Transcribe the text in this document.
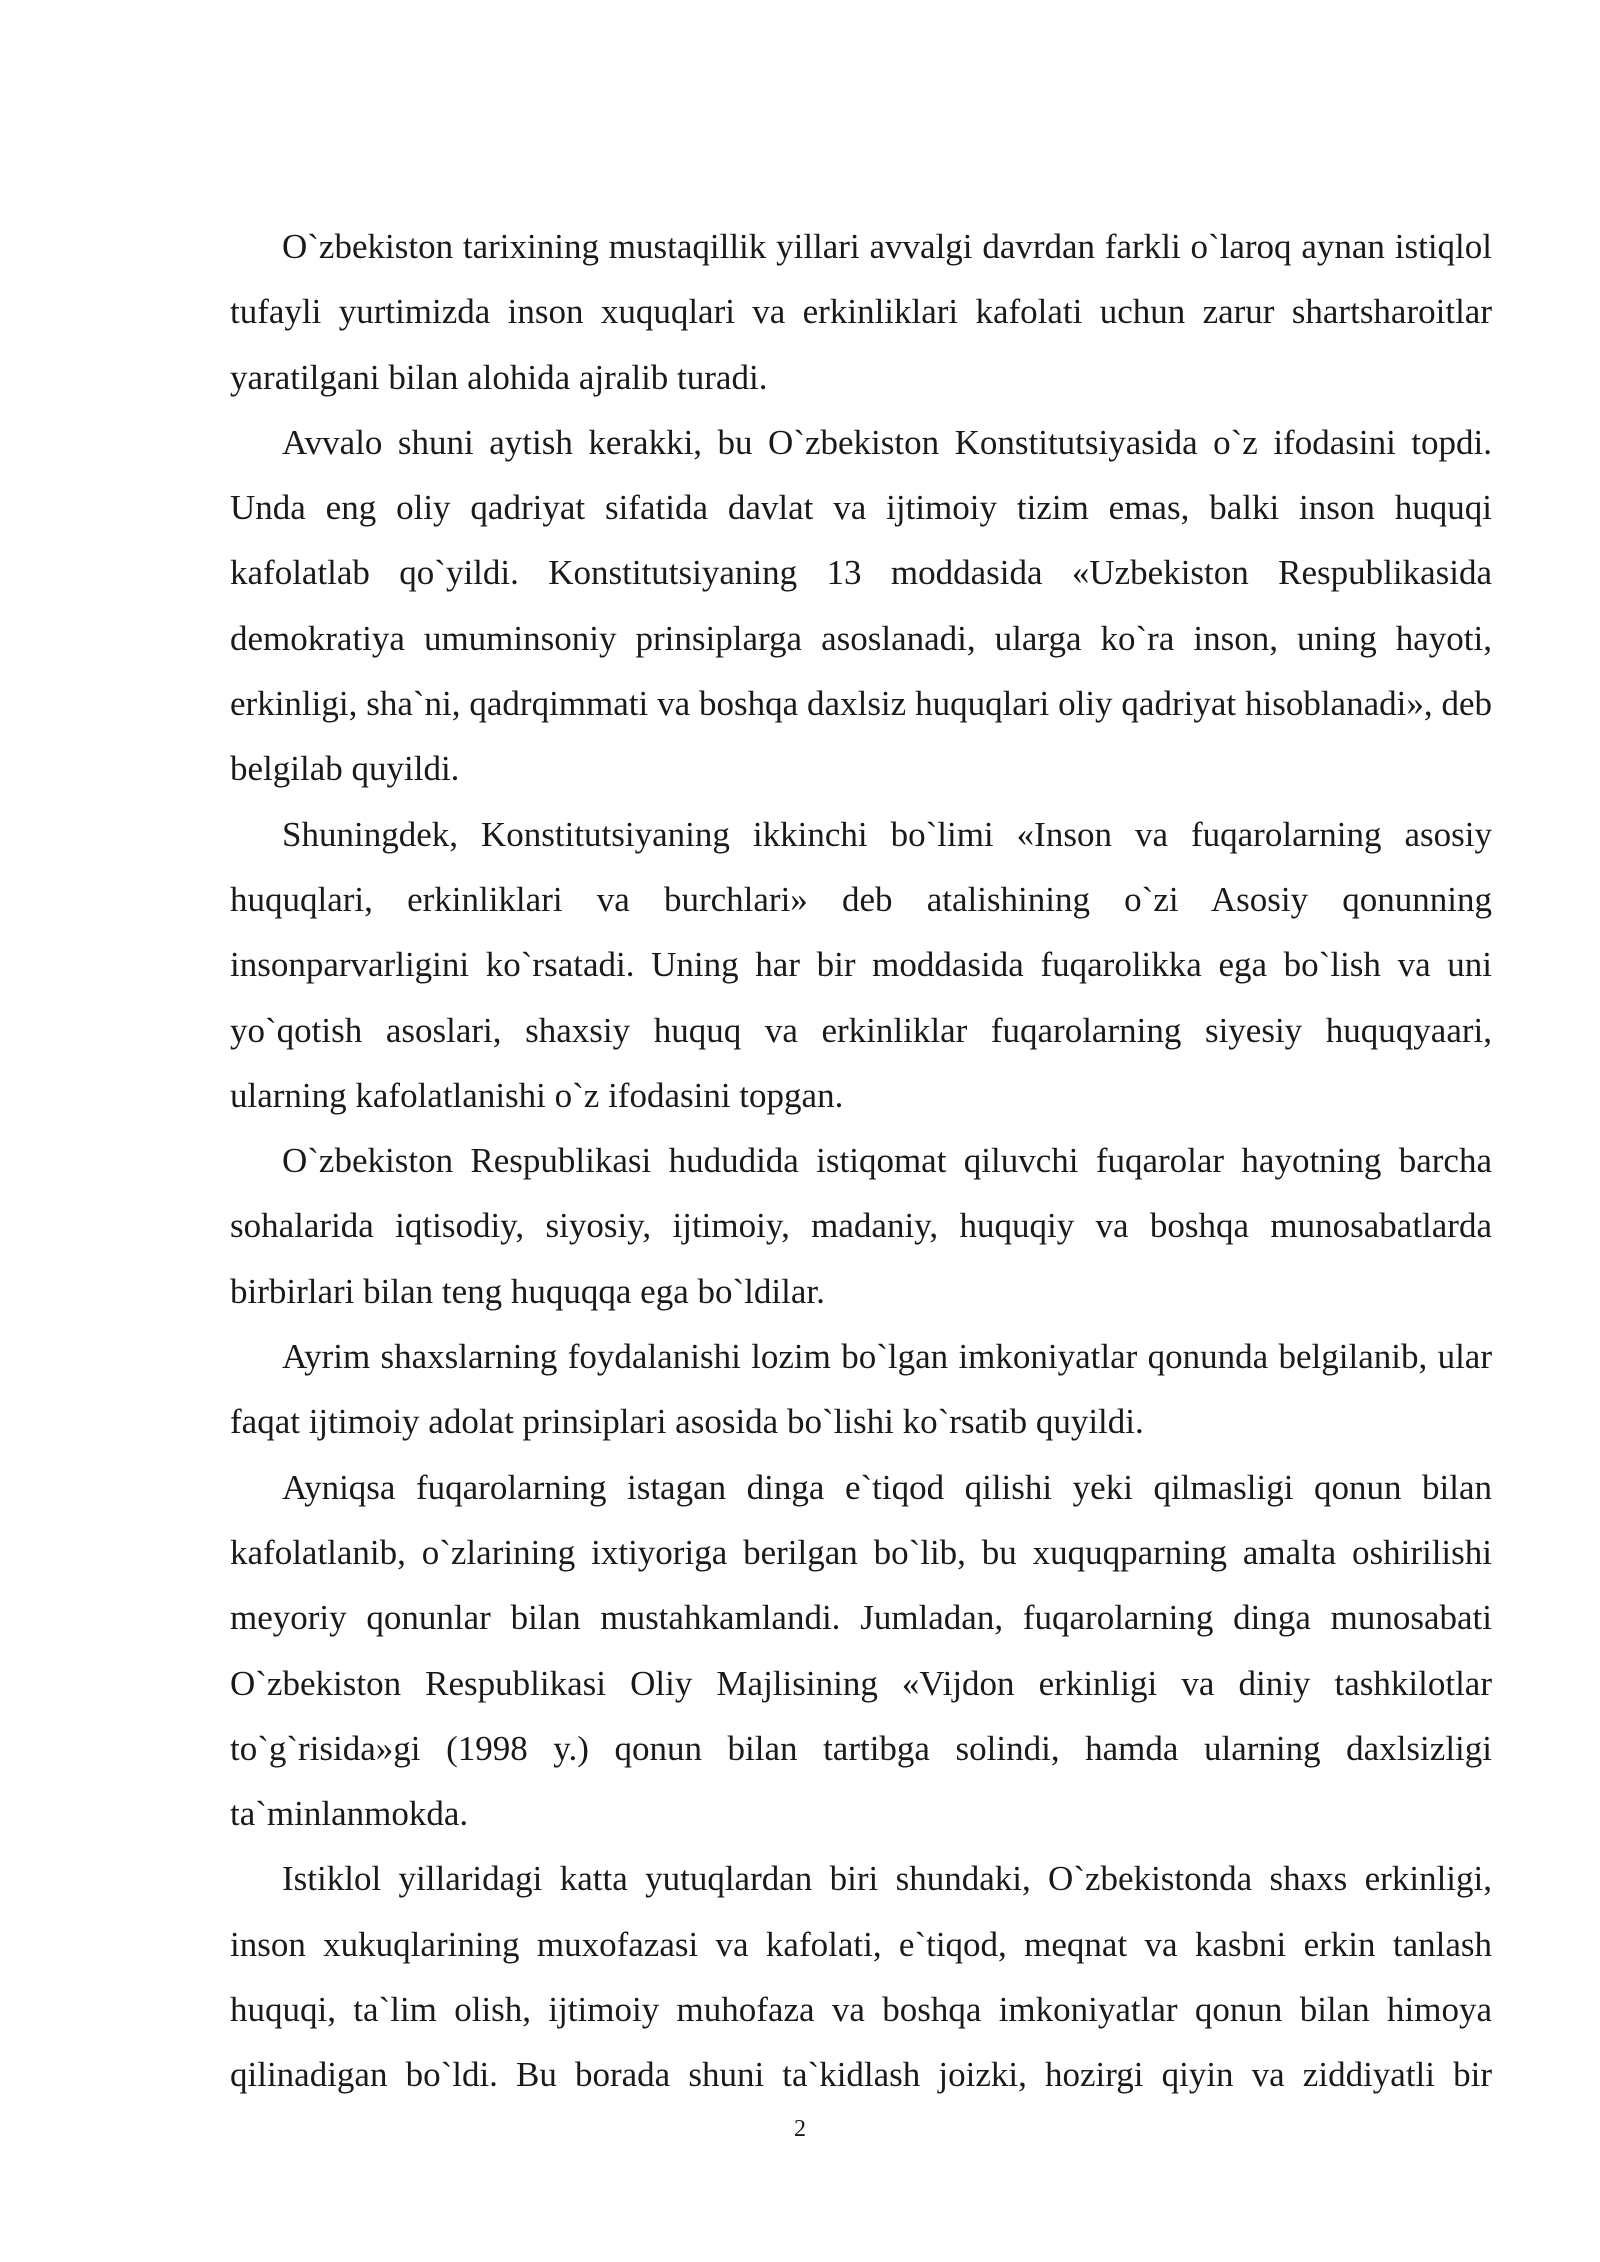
O`zbekiston tarixining mustaqillik yillari avvalgi davrdan farkli o`laroq aynan istiqlol tufayli yurtimizda inson xuquqlari va erkinliklari kafolati uchun zarur shartsharoitlar yaratilgani bilan alohida ajralib turadi.

Avvalo shuni aytish kerakki, bu O`zbekiston Konstitutsiyasida o`z ifodasini topdi. Unda eng oliy qadriyat sifatida davlat va ijtimoiy tizim emas, balki inson huquqi kafolatlab qo`yildi. Konstitutsiyaning 13 moddasida «Uzbekiston Respublikasida demokratiya umuminsoniy prinsiplarga asoslanadi, ularga ko`ra inson, uning hayoti, erkinligi, sha`ni, qadrqimmati va boshqa daxlsiz huquqlari oliy qadriyat hisoblanadi», deb belgilab quyildi.

Shuningdek, Konstitutsiyaning ikkinchi bo`limi «Inson va fuqarolarning asosiy huquqlari, erkinliklari va burchlari» deb atalishining o`zi Asosiy qonunning insonparvarligini ko`rsatadi. Uning har bir moddasida fuqarolikka ega bo`lish va uni yo`qotish asoslari, shaxsiy huquq va erkinliklar fuqarolarning siyesiy huquqyaari, ularning kafolatlanishi o`z ifodasini topgan.

O`zbekiston Respublikasi hududida istiqomat qiluvchi fuqarolar hayotning barcha sohalarida iqtisodiy, siyosiy, ijtimoiy, madaniy, huquqiy va boshqa munosabatlarda birbirlari bilan teng huquqqa ega bo`ldilar.

Ayrim shaxslarning foydalanishi lozim bo`lgan imkoniyatlar qonunda belgilanib, ular faqat ijtimoiy adolat prinsiplari asosida bo`lishi ko`rsatib quyildi.

Ayniqsa fuqarolarning istagan dinga e`tiqod qilishi yeki qilmasligi qonun bilan kafolatlanib, o`zlarining ixtiyoriga berilgan bo`lib, bu xuquqparning amalta oshirilishi meyoriy qonunlar bilan mustahkamlandi. Jumladan, fuqarolarning dinga munosabati O`zbekiston Respublikasi Oliy Majlisining «Vijdon erkinligi va diniy tashkilotlar to`g`risida»gi (1998 y.) qonun bilan tartibga solindi, hamda ularning daxlsizligi ta`minlanmokda.

Istiklol yillaridagi katta yutuqlardan biri shundaki, O`zbekistonda shaxs erkinligi, inson xukuqlarining muxofazasi va kafolati, e`tiqod, meqnat va kasbni erkin tanlash huquqi, ta`lim olish, ijtimoiy muhofaza va boshqa imkoniyatlar qonun bilan himoya qilinadigan bo`ldi. Bu borada shuni ta`kidlash joizki, hozirgi qiyin va ziddiyatli bir

2
